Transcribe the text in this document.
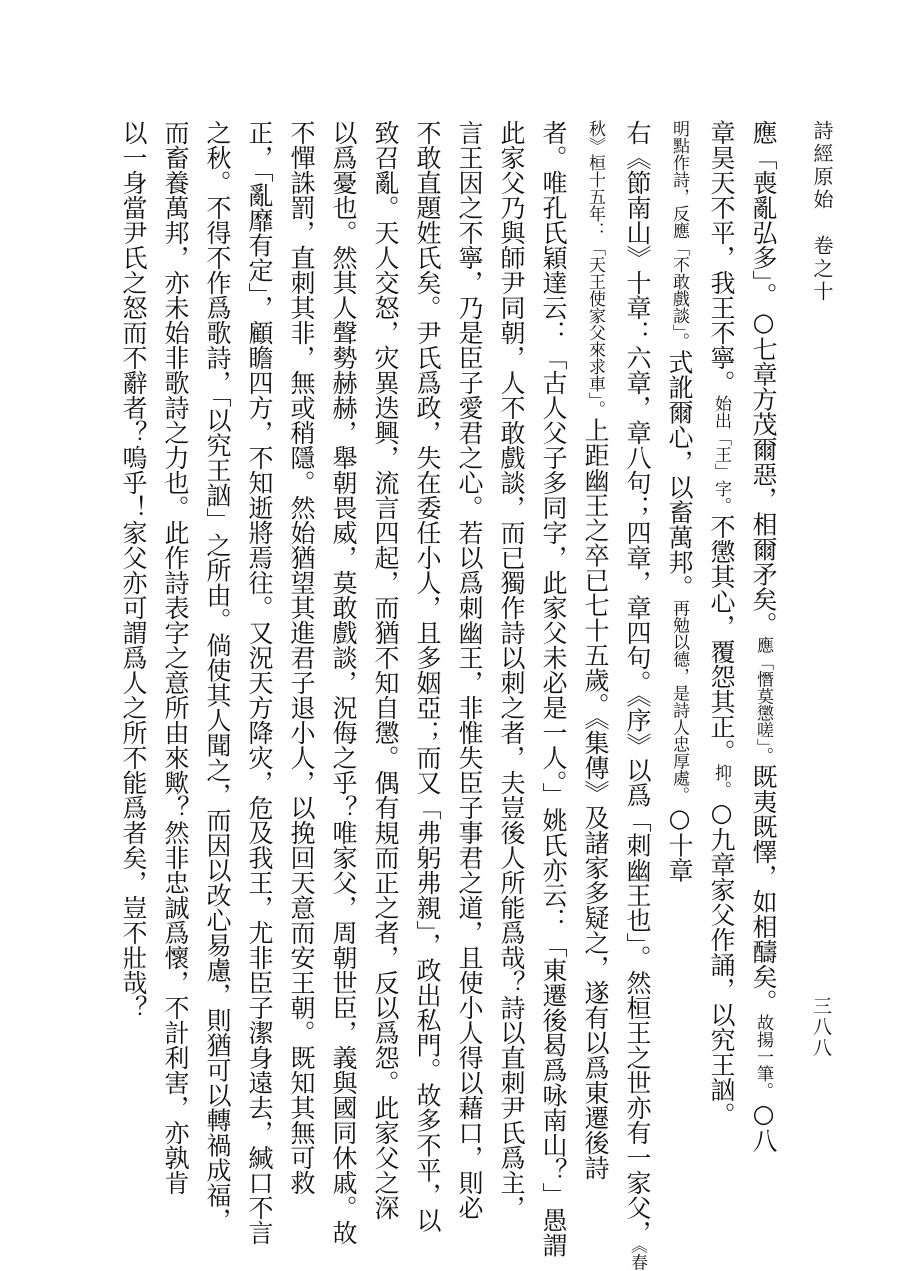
詩經原始　卷之十
三八八
應「喪亂弘多」。○七章方茂爾惡，相爾矛矣。應「憯莫懲嗟」。既夷既懌，如相醻矣。故揚一筆。○八
章昊天不平，我王不寧。始出「王」字。不懲其心，覆怨其正。抑。○九章家父作誦，以究王訩。
明點作詩，反應「不敢戲談」。式訛爾心，以畜萬邦。再勉以德，是詩人忠厚處。○十章
右《節南山》十章：六章，章八句；四章，章四句。《序》以爲「刺幽王也」。然桓王之世亦有一家父，《春
秋》桓十五年：「天王使家父來求車」。上距幽王之卒已七十五歲。《集傳》及諸家多疑之，遂有以爲東遷後詩
者。唯孔氏穎達云：「古人父子多同字，此家父未必是一人。」姚氏亦云：「東遷後曷爲咏南山？」愚謂
此家父乃與師尹同朝，人不敢戲談，而已獨作詩以刺之者，夫豈後人所能爲哉？詩以直刺尹氏爲主，
言王因之不寧，乃是臣子愛君之心。若以爲刺幽王，非惟失臣子事君之道，且使小人得以藉口，則必
不敢直題姓氏矣。尹氏爲政，失在委任小人，且多姻亞；而又「弗躬弗親」，政出私門。故多不平，以
致召亂。天人交怒，灾異迭興，流言四起，而猶不知自懲。偶有規而正之者，反以爲怨。此家父之深
以爲憂也。然其人聲勢赫赫，舉朝畏威，莫敢戲談，況侮之乎？唯家父，周朝世臣，義與國同休戚。故
不憚誅罰，直刺其非，無或稍隱。然始猶望其進君子退小人，以挽回天意而安王朝。既知其無可救
正，「亂靡有定」，顧瞻四方，不知逝將焉往。又況天方降灾，危及我王，尤非臣子潔身遠去，緘口不言
之秋。不得不作爲歌詩，「以究王訩」之所由。倘使其人聞之，而因以改心易慮，則猶可以轉禍成福，
而畜養萬邦，亦未始非歌詩之力也。此作詩表字之意所由來歟？然非忠誠爲懷，不計利害，亦孰肯
以一身當尹氏之怒而不辭者？嗚乎！家父亦可謂爲人之所不能爲者矣，豈不壯哉？
